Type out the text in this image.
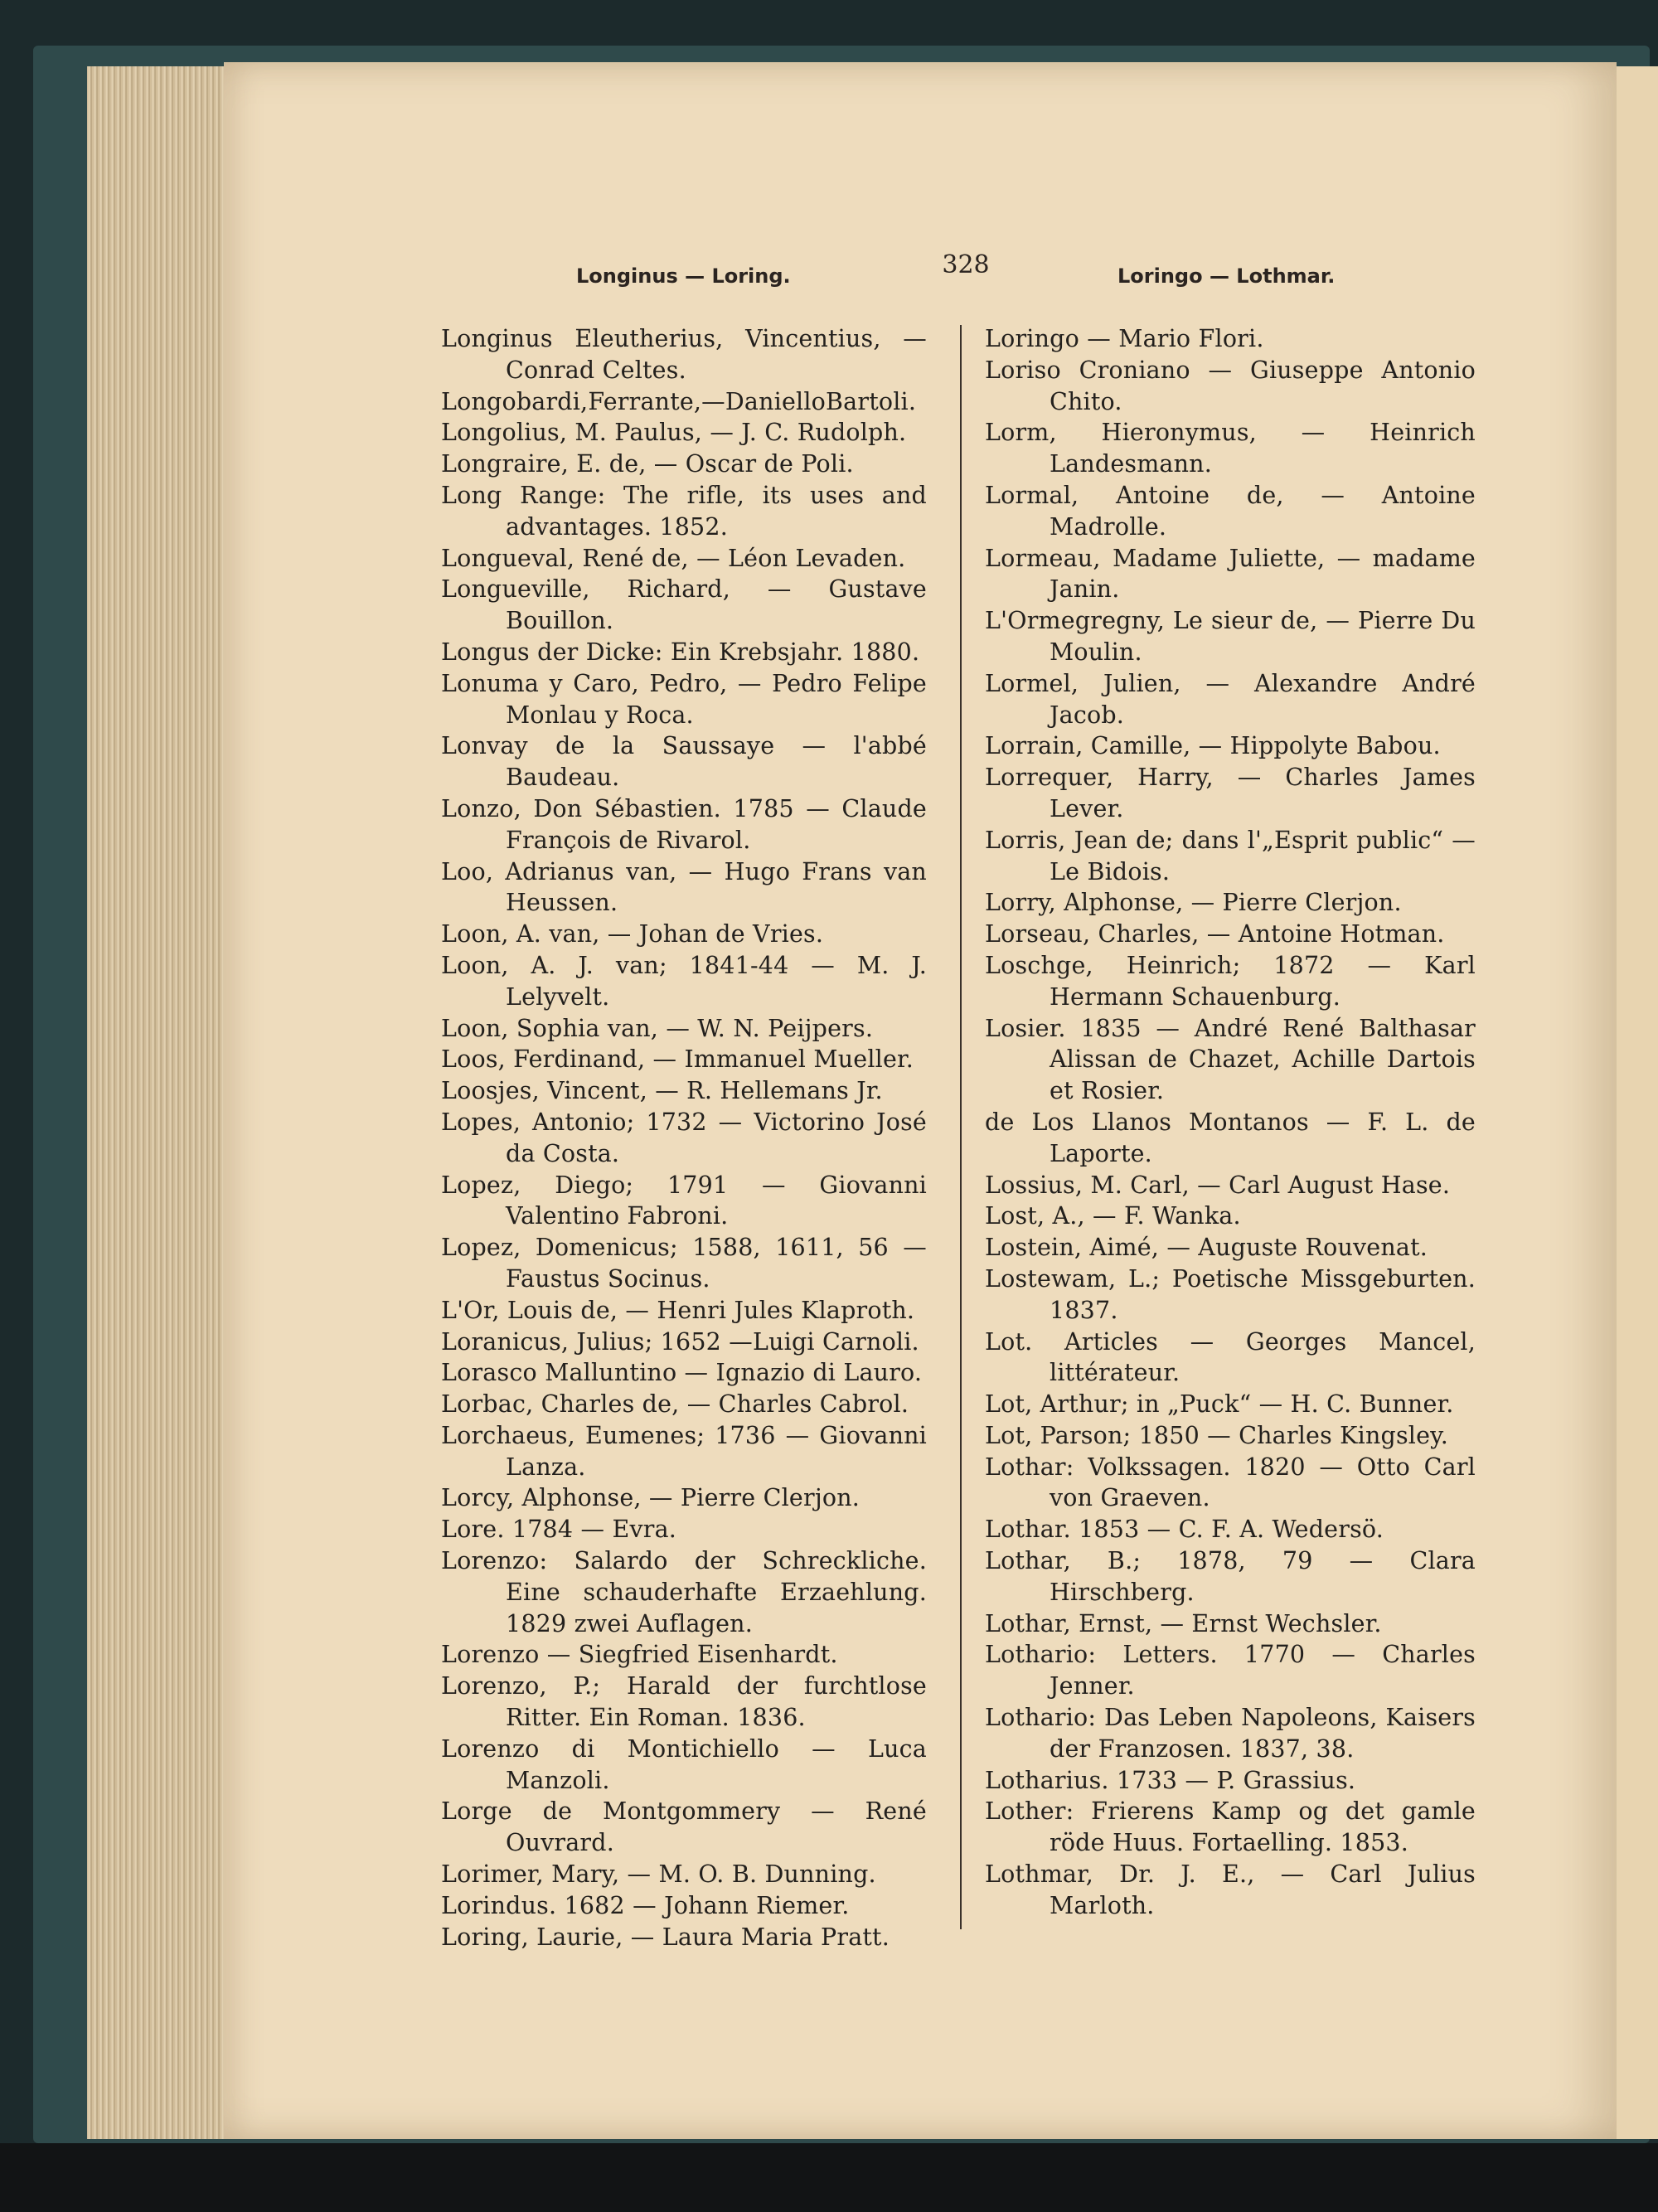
Longinus — Loring.	328	Loringo — Lothmar.

Longinus Eleutherius, Vincentius, — Conrad Celtes.

Longobardi,Ferrante,—DanielloBartoli.

Longolius, M. Paulus, — J. C. Rudolph.

Longraire, E. de, — Oscar de Poli.

Long Range: The rifle, its uses and advantages. 1852.

Longueval, René de, — Léon Levaden.

Longueville, Richard, — Gustave Bouillon.

Longus der Dicke: Ein Krebsjahr. 1880.

Lonuma y Caro, Pedro, — Pedro Felipe Monlau y Roca.

Lonvay de la Saussaye — l'abbé Baudeau.

Lonzo, Don Sébastien. 1785 — Claude François de Rivarol.

Loo, Adrianus van, — Hugo Frans van Heussen.

Loon, A. van, — Johan de Vries.

Loon, A. J. van; 1841-44 — M. J. Lelyvelt.

Loon, Sophia van, — W. N. Peijpers.

Loos, Ferdinand, — Immanuel Mueller.

Loosjes, Vincent, — R. Hellemans Jr.

Lopes, Antonio; 1732 — Victorino José da Costa.

Lopez, Diego; 1791 — Giovanni Valentino Fabroni.

Lopez, Domenicus; 1588, 1611, 56 — Faustus Socinus.

L'Or, Louis de, — Henri Jules Klaproth.

Loranicus, Julius; 1652 —Luigi Carnoli.

Lorasco Malluntino — Ignazio di Lauro.

Lorbac, Charles de, — Charles Cabrol.

Lorchaeus, Eumenes; 1736 — Giovanni Lanza.

Lorcy, Alphonse, — Pierre Clerjon.

Lore. 1784 — Evra.

Lorenzo: Salardo der Schreckliche. Eine schauderhafte Erzaehlung. 1829 zwei Auflagen.

Lorenzo — Siegfried Eisenhardt.

Lorenzo, P.; Harald der furchtlose Ritter. Ein Roman. 1836.

Lorenzo di Montichiello — Luca Manzoli.

Lorge de Montgommery — René Ouvrard.

Lorimer, Mary, — M. O. B. Dunning.

Lorindus. 1682 — Johann Riemer.

Loring, Laurie, — Laura Maria Pratt.

Loringo — Mario Flori.

Loriso Croniano — Giuseppe Antonio Chito.

Lorm, Hieronymus, — Heinrich Landesmann.

Lormal, Antoine de, — Antoine Madrolle.

Lormeau, Madame Juliette, — madame Janin.

L'Ormegregny, Le sieur de, — Pierre Du Moulin.

Lormel, Julien, — Alexandre André Jacob.

Lorrain, Camille, — Hippolyte Babou.

Lorrequer, Harry, — Charles James Lever.

Lorris, Jean de; dans l'„Esprit public“ — Le Bidois.

Lorry, Alphonse, — Pierre Clerjon.

Lorseau, Charles, — Antoine Hotman.

Loschge, Heinrich; 1872 — Karl Hermann Schauenburg.

Losier. 1835 — André René Balthasar Alissan de Chazet, Achille Dartois et Rosier.

de Los Llanos Montanos — F. L. de Laporte.

Lossius, M. Carl, — Carl August Hase.

Lost, A., — F. Wanka.

Lostein, Aimé, — Auguste Rouvenat.

Lostewam, L.; Poetische Missgeburten. 1837.

Lot. Articles — Georges Mancel, littérateur.

Lot, Arthur; in „Puck“ — H. C. Bunner.

Lot, Parson; 1850 — Charles Kingsley.

Lothar: Volkssagen. 1820 — Otto Carl von Graeven.

Lothar. 1853 — C. F. A. Wedersö.

Lothar, B.; 1878, 79 — Clara Hirschberg.

Lothar, Ernst, — Ernst Wechsler.

Lothario: Letters. 1770 — Charles Jenner.

Lothario: Das Leben Napoleons, Kaisers der Franzosen. 1837, 38.

Lotharius. 1733 — P. Grassius.

Lother: Frierens Kamp og det gamle röde Huus. Fortaelling. 1853.

Lothmar, Dr. J. E., — Carl Julius Marloth.
